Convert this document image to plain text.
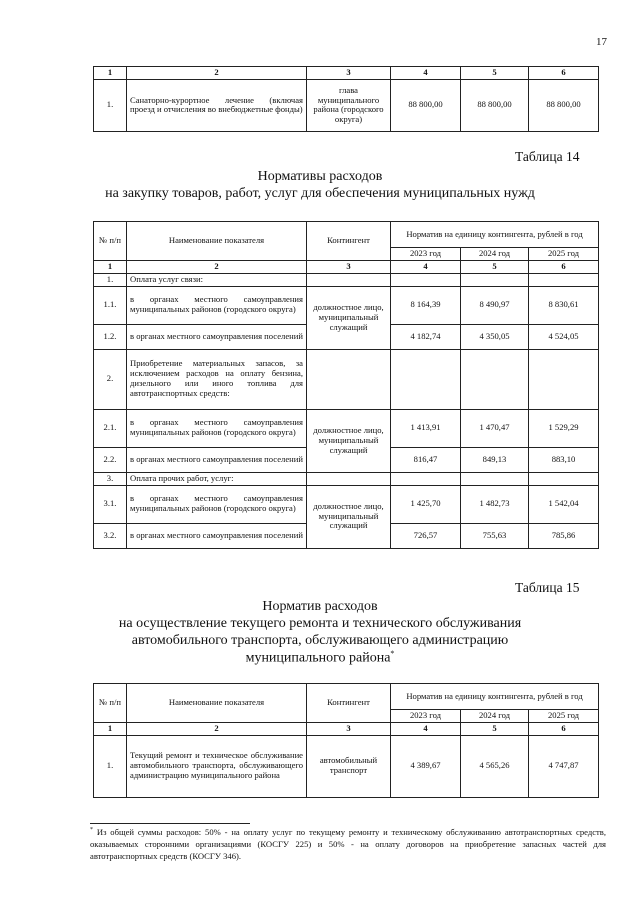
17
1	2	3	4	5	6
1.	Санаторно-курортное лечение (включая проезд и отчисления во внебюджетные фонды)	глава муниципального района (городского округа)	88 800,00	88 800,00	88 800,00
Таблица 14
Нормативы расходов
на закупку товаров, работ, услуг для обеспечения муниципальных нужд
№ п/п	Наименование показателя	Контингент	Норматив на единицу контингента, рублей в год		
			2023 год	2024 год	2025 год
1	2	3	4	5	6
1.	Оплата услуг связи:				
1.1.	в органах местного самоуправления муниципальных районов (городского округа)	должностное лицо, муниципальный служащий	8 164,39	8 490,97	8 830,61
1.2.	в органах местного самоуправления поселений		4 182,74	4 350,05	4 524,05
2.	Приобретение материальных запасов, за исключением расходов на оплату бензина, дизельного или иного топлива для автотранспортных средств:				
2.1.	в органах местного самоуправления муниципальных районов (городского округа)	должностное лицо, муниципальный служащий	1 413,91	1 470,47	1 529,29
2.2.	в органах местного самоуправления поселений		816,47	849,13	883,10
3.	Оплата прочих работ, услуг:				
3.1.	в органах местного самоуправления муниципальных районов (городского округа)	должностное лицо, муниципальный служащий	1 425,70	1 482,73	1 542,04
3.2.	в органах местного самоуправления поселений		726,57	755,63	785,86
Таблица 15
Норматив расходов
на осуществление текущего ремонта и технического обслуживания
автомобильного транспорта, обслуживающего администрацию
муниципального района*
№ п/п	Наименование показателя	Контингент	Норматив на единицу контингента, рублей в год		
			2023 год	2024 год	2025 год
1	2	3	4	5	6
1.	Текущий ремонт и техническое обслуживание автомобильного транспорта, обслуживающего администрацию муниципального района	автомобильный транспорт	4 389,67	4 565,26	4 747,87
* Из общей суммы расходов: 50% - на оплату услуг по текущему ремонту и техническому обслуживанию автотранспортных средств, оказываемых сторонними организациями (КОСГУ 225) и 50% - на оплату договоров на приобретение запасных частей для автотранспортных средств (КОСГУ 346).
